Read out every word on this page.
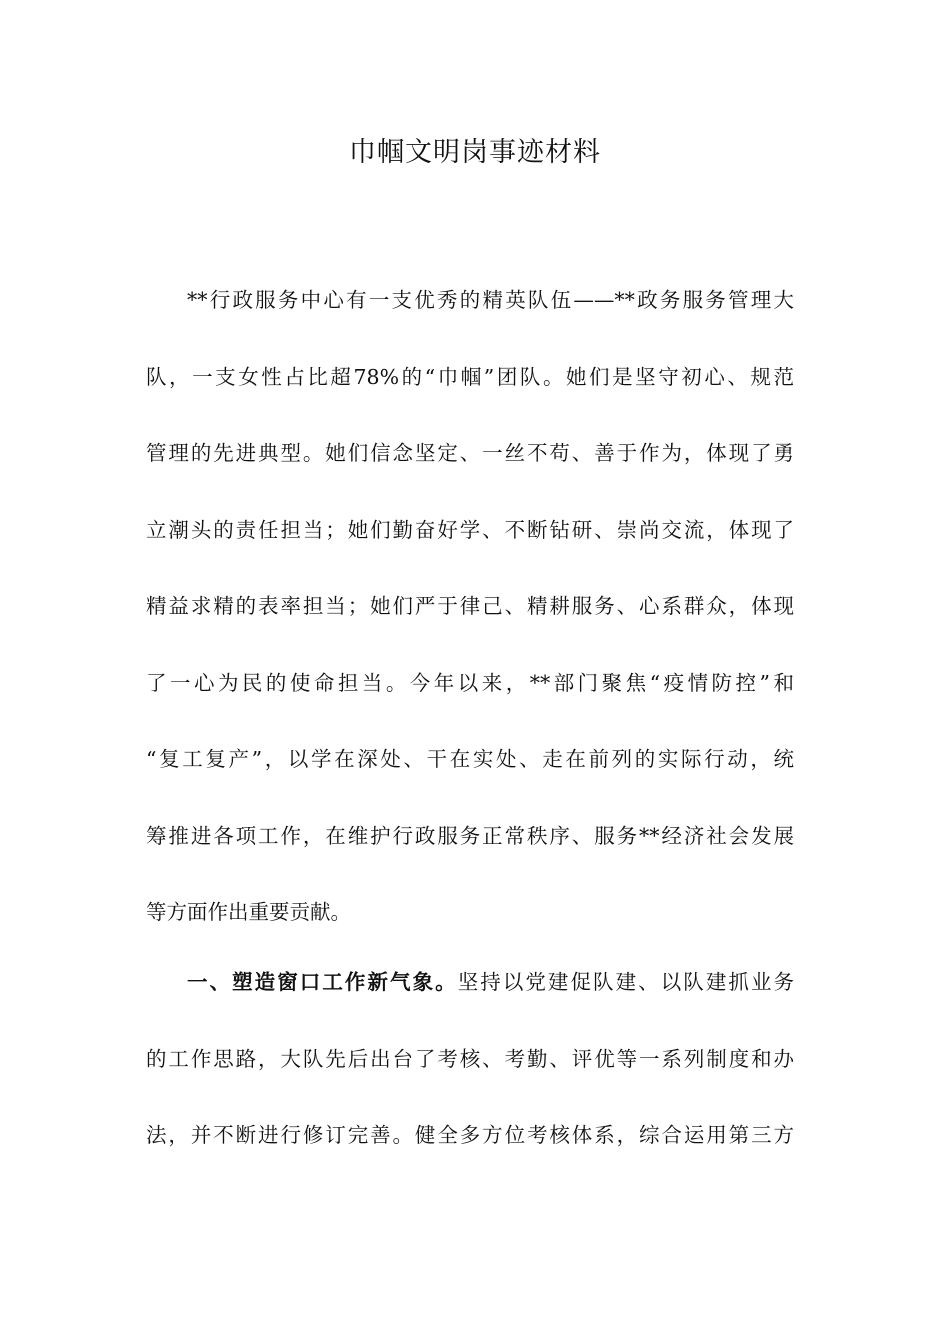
巾帼文明岗事迹材料
**行政服务中心有一支优秀的精英队伍——**政务服务管理大
队，一支女性占比超78%的“巾帼”团队。她们是坚守初心、规范
管理的先进典型。她们信念坚定、一丝不苟、善于作为，体现了勇
立潮头的责任担当；她们勤奋好学、不断钻研、崇尚交流，体现了
精益求精的表率担当；她们严于律己、精耕服务、心系群众，体现
了一心为民的使命担当。今年以来，**部门聚焦“疫情防控”和
“复工复产”，以学在深处、干在实处、走在前列的实际行动，统
筹推进各项工作，在维护行政服务正常秩序、服务**经济社会发展
等方面作出重要贡献。
一、塑造窗口工作新气象。坚持以党建促队建、以队建抓业务
的工作思路，大队先后出台了考核、考勤、评优等一系列制度和办
法，并不断进行修订完善。健全多方位考核体系，综合运用第三方
